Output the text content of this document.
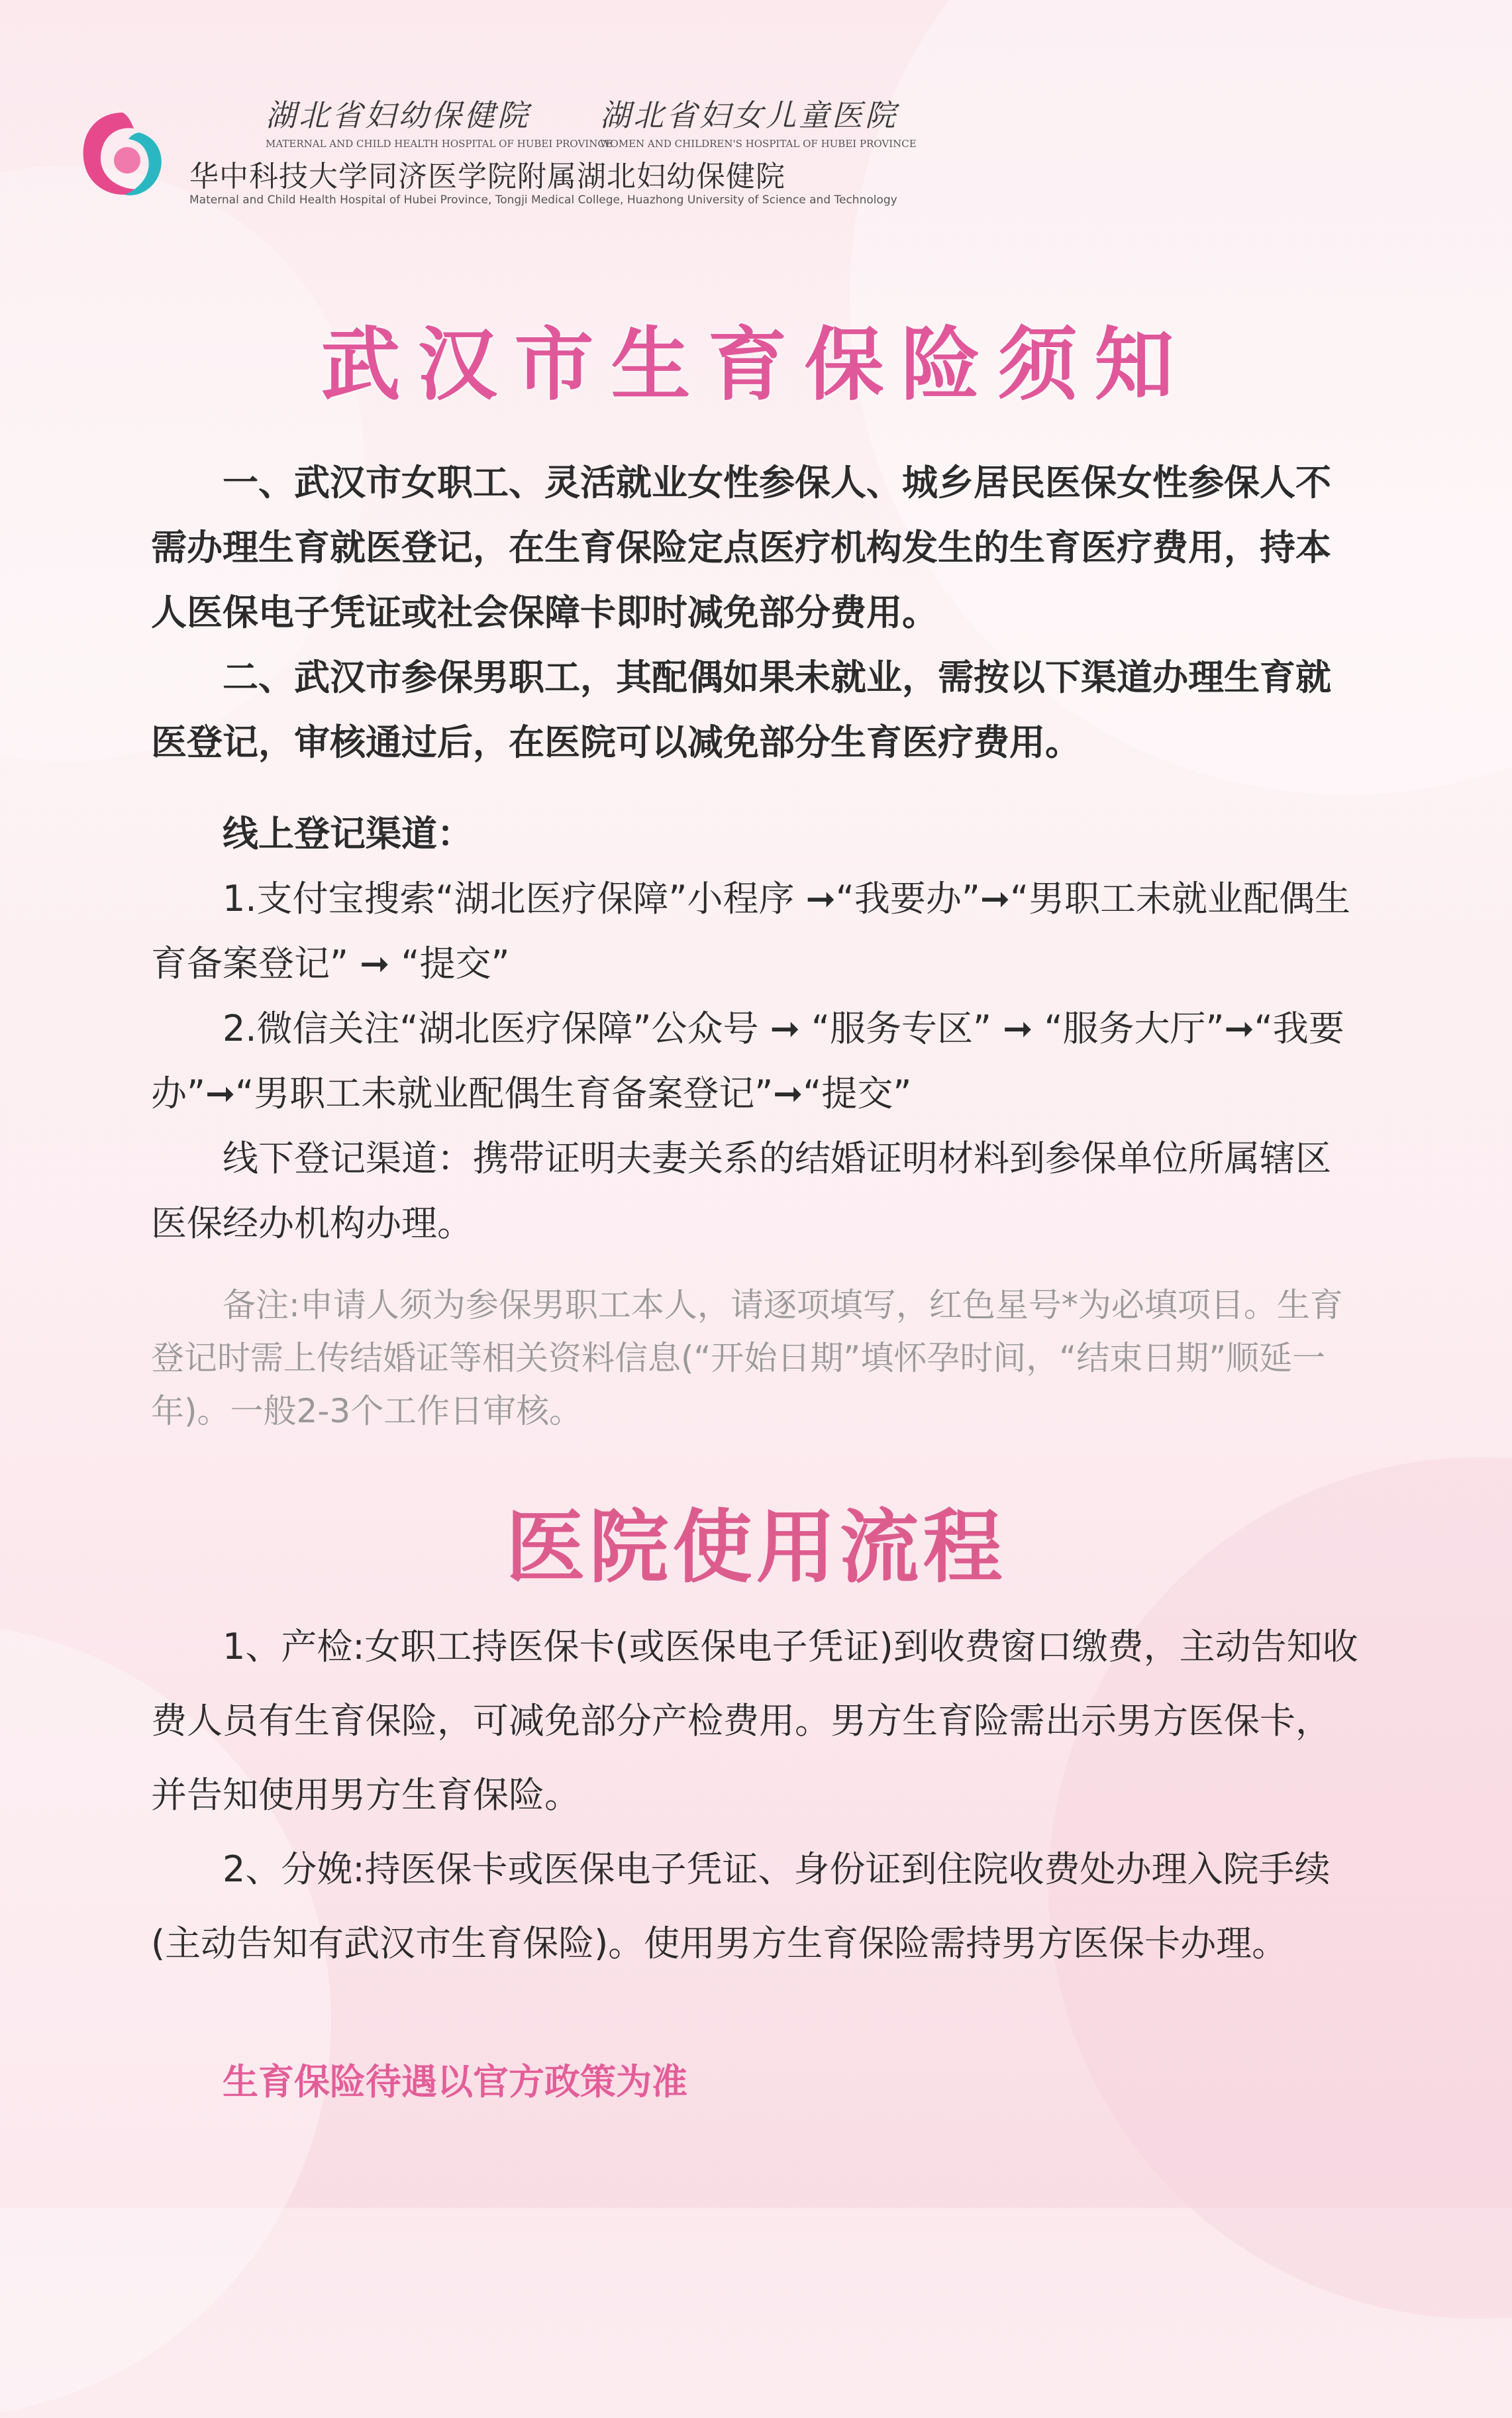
湖北省妇幼保健院
MATERNAL AND CHILD HEALTH HOSPITAL OF HUBEI PROVINCE
湖北省妇女儿童医院
WOMEN AND CHILDREN'S HOSPITAL OF HUBEI PROVINCE
华中科技大学同济医学院附属湖北妇幼保健院
Maternal and Child Health Hospital of Hubei Province, Tongji Medical College, Huazhong University of Science and Technology
武汉市生育保险须知

一、武汉市女职工、灵活就业女性参保人、城乡居民医保女性参保人不需办理生育就医登记，在生育保险定点医疗机构发生的生育医疗费用，持本人医保电子凭证或社会保障卡即时减免部分费用。

二、武汉市参保男职工，其配偶如果未就业，需按以下渠道办理生育就医登记，审核通过后，在医院可以减免部分生育医疗费用。

线上登记渠道：

1.支付宝搜索“湖北医疗保障”小程序 ➞“我要办”➞“男职工未就业配偶生育备案登记” ➞ “提交”

2.微信关注“湖北医疗保障”公众号 ➞ “服务专区” ➞ “服务大厅”➞“我要办”➞“男职工未就业配偶生育备案登记”➞“提交”

线下登记渠道：携带证明夫妻关系的结婚证明材料到参保单位所属辖区医保经办机构办理。

备注:申请人须为参保男职工本人，请逐项填写，红色星号*为必填项目。生育登记时需上传结婚证等相关资料信息(“开始日期”填怀孕时间，“结束日期”顺延一年)。一般2-3个工作日审核。

医院使用流程

1、产检:女职工持医保卡(或医保电子凭证)到收费窗口缴费，主动告知收费人员有生育保险，可减免部分产检费用。男方生育险需出示男方医保卡，并告知使用男方生育保险。

2、分娩:持医保卡或医保电子凭证、身份证到住院收费处办理入院手续(主动告知有武汉市生育保险)。使用男方生育保险需持男方医保卡办理。

生育保险待遇以官方政策为准
